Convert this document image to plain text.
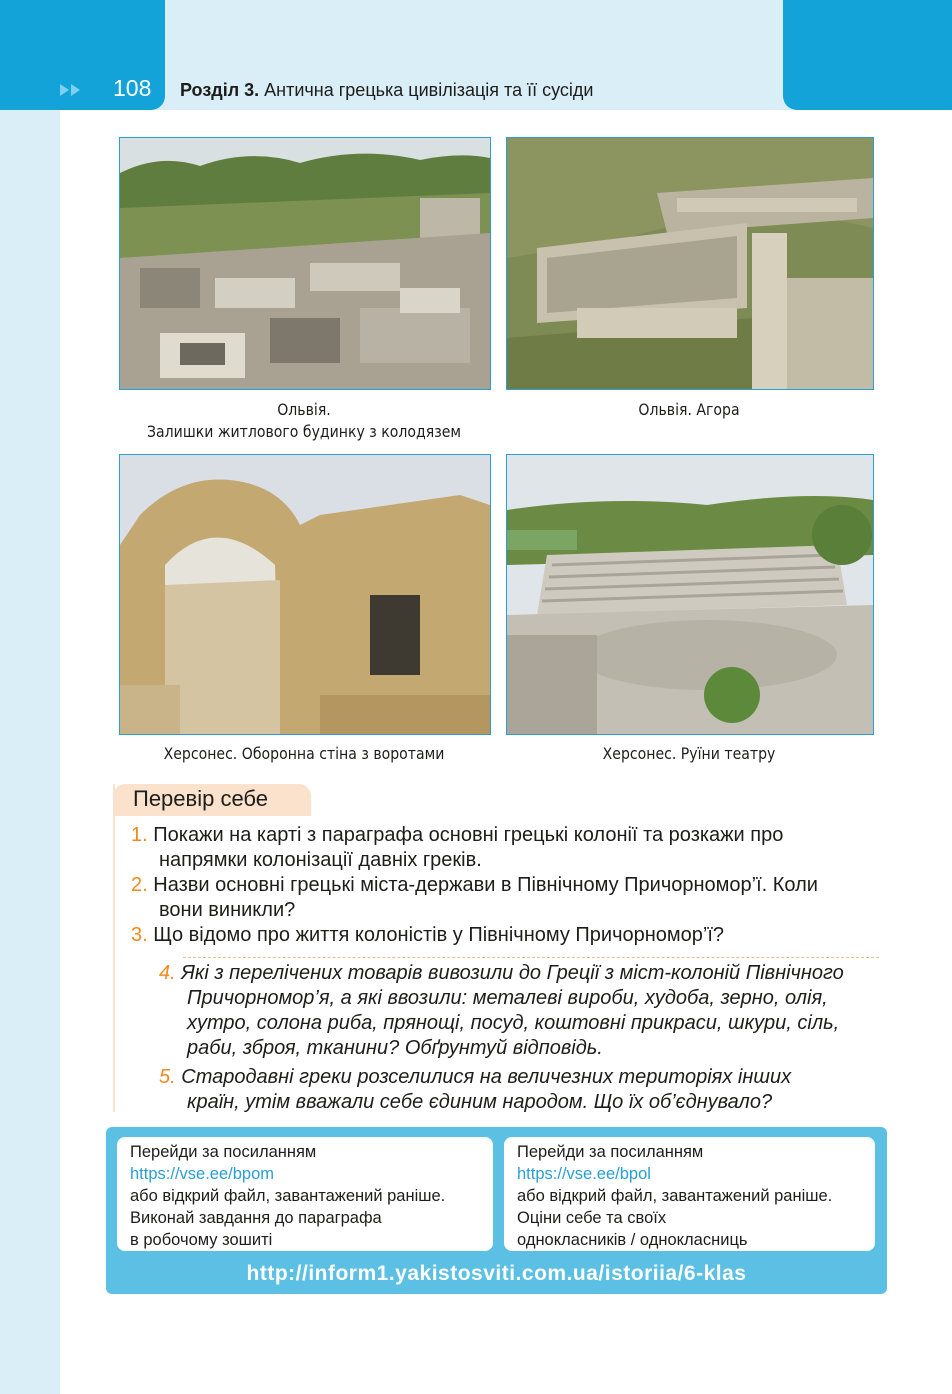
108 Розділ 3. Антична грецька цивілізація та її сусіди
Ольвія.
Залишки житлового будинку з колодязем
Ольвія. Агора
Херсонес. Оборонна стіна з воротами	Херсонес. Руїни театру
Перевір себе
1. Покажи на карті з параграфа основні грецькі колонії та розкажи про
напрямки колонізації давніх греків.
2. Назви основні грецькі міста-держави в Північному Причорномор’ї. Коли
вони виникли?
3. Що відомо про життя колоністів у Північному Причорномор’ї?
4. Які з перелічених товарів вивозили до Греції з міст-колоній Північного
Причорномор’я, а які ввозили: металеві вироби, худоба, зерно, олія,
хутро, солона риба, прянощі, посуд, коштовні прикраси, шкури, сіль,
раби, зброя, тканини? Обґрунтуй відповідь.
5. Стародавні греки розселилися на величезних територіях інших
країн, утім вважали себе єдиним народом. Що їх об’єднувало?
Перейди за посиланням
https://vse.ee/bpom
або відкрий файл, завантажений раніше.
Виконай завдання до параграфа
в робочому зошиті
Перейди за посиланням
https://vse.ee/bpol
або відкрий файл, завантажений раніше.
Оціни себе та своїх
однокласників / однокласниць
http://inform1.yakistosviti.com.ua/istoriia/6-klas
